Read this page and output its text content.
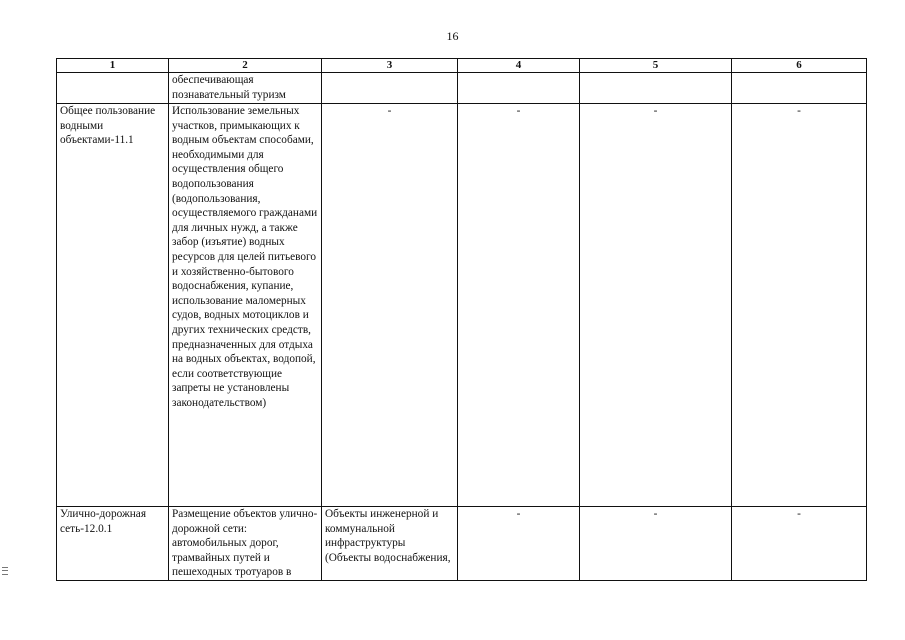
16
1	2	3	4	5	6
	обеспечивающая познавательный туризм				
Общее пользование водными объектами-11.1	Использование земельных участков, примыкающих к водным объектам способами, необходимыми для осуществления общего водопользования (водопользования, осуществляемого гражданами для личных нужд, а также забор (изъятие) водных ресурсов для целей питьевого и хозяйственно-бытового водоснабжения, купание, использование маломерных судов, водных мотоциклов и других технических средств, предназначенных для отдыха на водных объектах, водопой, если соответствующие запреты не установлены законодательством)	-	-	-	-
Улично-дорожная сеть-12.0.1	Размещение объектов улично-дорожной сети: автомобильных дорог, трамвайных путей и пешеходных тротуаров в	Объекты инженерной и коммунальной инфраструктуры (Объекты водоснабжения,	-	-	-
